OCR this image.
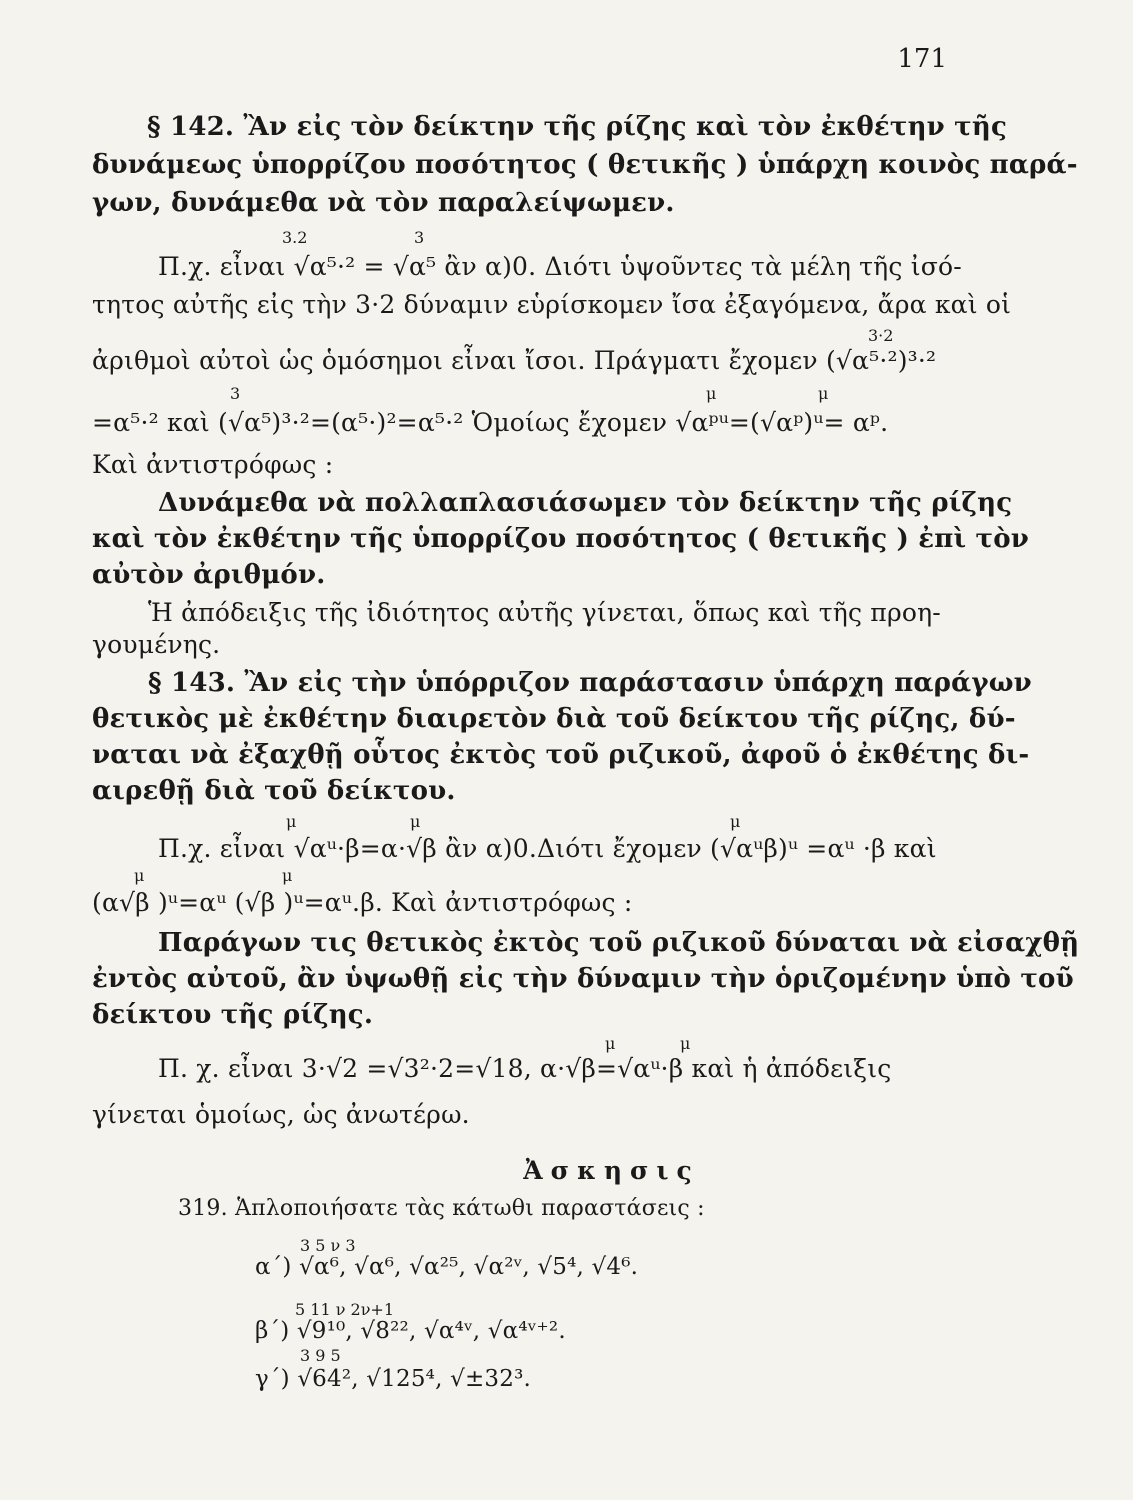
171
§ 142. Ἂν εἰς τὸν δείκτην τῆς ρίζης καὶ τὸν ἐκθέτην τῆς
δυνάμεως ὑπορρίζου ποσότητος ( θετικῆς ) ὑπάρχη κοινὸς παρά-
γων, δυνάμεθα νὰ τὸν παραλείψωμεν.
3.2	3
Π.χ. εἶναι √α⁵·² = √α⁵ ἂν α)0. Διότι ὑψοῦντες τὰ μέλη τῆς ἰσό-
τητος αὐτῆς εἰς τὴν 3·2 δύναμιν εὑρίσκομεν ἴσα ἐξαγόμενα, ἄρα καὶ οἱ
3·2
ἀριθμοὶ αὐτοὶ ὡς ὁμόσημοι εἶναι ἴσοι. Πράγματι ἔχομεν (√α⁵·²)³·²
3	μ	μ
=α⁵·² καὶ (√α⁵)³·²=(α⁵·)²=α⁵·² Ὁμοίως ἔχομεν √αᵖᵘ=(√αᵖ)ᵘ= αᵖ.
Καὶ ἀντιστρόφως :
Δυνάμεθα νὰ πολλαπλασιάσωμεν τὸν δείκτην τῆς ρίζης
καὶ τὸν ἐκθέτην τῆς ὑπορρίζου ποσότητος ( θετικῆς ) ἐπὶ τὸν
αὐτὸν ἀριθμόν.
Ἡ ἀπόδειξις τῆς ἰδιότητος αὐτῆς γίνεται, ὅπως καὶ τῆς προη-
γουμένης.
§ 143. Ἂν εἰς τὴν ὑπόρριζον παράστασιν ὑπάρχη παράγων
θετικὸς μὲ ἐκθέτην διαιρετὸν διὰ τοῦ δείκτου τῆς ρίζης, δύ-
ναται νὰ ἐξαχθῇ οὗτος ἐκτὸς τοῦ ριζικοῦ, ἀφοῦ ὁ ἐκθέτης δι-
αιρεθῇ διὰ τοῦ δείκτου.
μ	μ	μ
Π.χ. εἶναι √αᵘ·β=α·√β ἂν α)0.Διότι ἔχομεν (√αᵘβ)ᵘ =αᵘ ·β καὶ
μ	μ
(α√β )ᵘ=αᵘ (√β )ᵘ=αᵘ.β. Καὶ ἀντιστρόφως :
Παράγων τις θετικὸς ἐκτὸς τοῦ ριζικοῦ δύναται νὰ εἰσαχθῇ
ἐντὸς αὐτοῦ, ἂν ὑψωθῇ εἰς τὴν δύναμιν τὴν ὁριζομένην ὑπὸ τοῦ
δείκτου τῆς ρίζης.
μ	μ
Π. χ. εἶναι 3·√2 =√3²·2=√18, α·√β=√αᵘ·β καὶ ἡ ἀπόδειξις
γίνεται ὁμοίως, ὡς ἀνωτέρω.
Ἀσκησις
319. Ἁπλοποιήσατε τὰς κάτωθι παραστάσεις :
3 5 ν 3
α΄) √α⁶, √α⁶, √α²⁵, √α²ᵛ, √5⁴, √4⁶.
5 11 ν 2ν+1
β΄) √9¹⁰, √8²², √α⁴ᵛ, √α⁴ᵛ⁺².
3 9 5
γ΄) √64², √125⁴, √±32³.
